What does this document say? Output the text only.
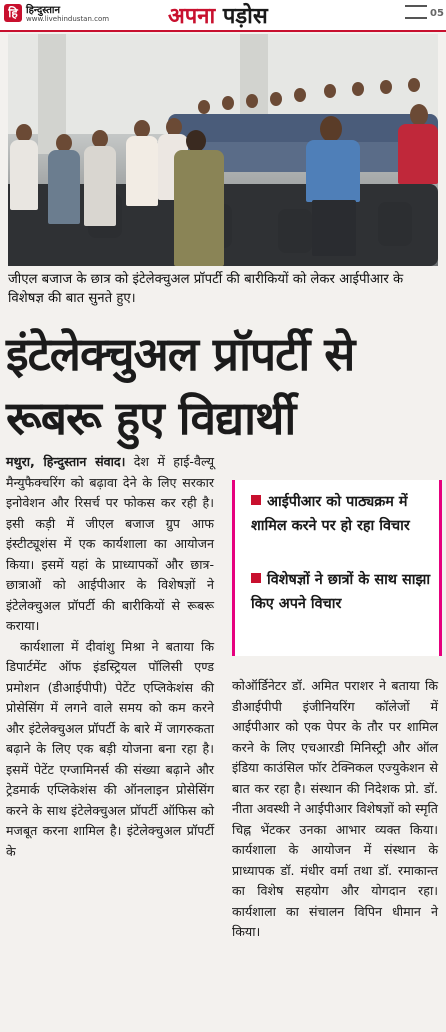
हि हिन्दुस्तान
www.livehindustan.com	अपना पड़ोस	05
जीएल बजाज के छात्र को इंटेलेक्चुअल प्रॉपर्टी की बारीकियों को लेकर आईपीआर के विशेषज्ञ की बात सुनते हुए।
इंटेलेक्चुअल प्रॉपर्टी से
रूबरू हुए विद्यार्थी

मथुरा, हिन्दुस्तान संवाद। देश में हाई-वैल्यू मैन्युफैक्चरिंग को बढ़ावा देने के लिए सरकार इनोवेशन और रिसर्च पर फोकस कर रही है। इसी कड़ी में जीएल बजाज ग्रुप आफ इंस्टीट्यूशंस में एक कार्यशाला का आयोजन किया। इसमें यहां के प्राध्यापकों और छात्र-छात्राओं को आईपीआर के विशेषज्ञों ने इंटेलेक्चुअल प्रॉपर्टी की बारीकियों से रूबरू कराया।

कार्यशाला में दीवांशु मिश्रा ने बताया कि डिपार्टमेंट ऑफ इंडस्ट्रियल पॉलिसी एण्ड प्रमोशन (डीआईपीपी) पेटेंट एप्लिकेशंस की प्रोसेसिंग में लगने वाले समय को कम करने और इंटेलेक्चुअल प्रॉपर्टी के बारे में जागरुकता बढ़ाने के लिए एक बड़ी योजना बना रहा है। इसमें पेटेंट एग्जामिनर्स की संख्या बढ़ाने और ट्रेडमार्क एप्लिकेशंस की ऑनलाइन प्रोसेसिंग करने के साथ इंटेलेक्चुअल प्रॉपर्टी ऑफिस को मजबूत करना शामिल है। इंटेलेक्चुअल प्रॉपर्टी के

आईपीआर को पाठ्यक्रम में शामिल करने पर हो रहा विचार
विशेषज्ञों ने छात्रों के साथ साझा किए अपने विचार

कोऑर्डिनेटर डॉ. अमित पराशर ने बताया कि डीआईपीपी इंजीनियरिंग कॉलेजों में आईपीआर को एक पेपर के तौर पर शामिल करने के लिए एचआरडी मिनिस्ट्री और ऑल इंडिया काउंसिल फॉर टेक्निकल एज्युकेशन से बात कर रहा है। संस्थान की निदेशक प्रो. डॉ. नीता अवस्थी ने आईपीआर विशेषज्ञों को स्मृति चिह्न भेंटकर उनका आभार व्यक्त किया। कार्यशाला के आयोजन में संस्थान के प्राध्यापक डॉ. मंधीर वर्मा तथा डॉ. रमाकान्त का विशेष सहयोग और योगदान रहा। कार्यशाला का संचालन विपिन धीमान ने किया।
